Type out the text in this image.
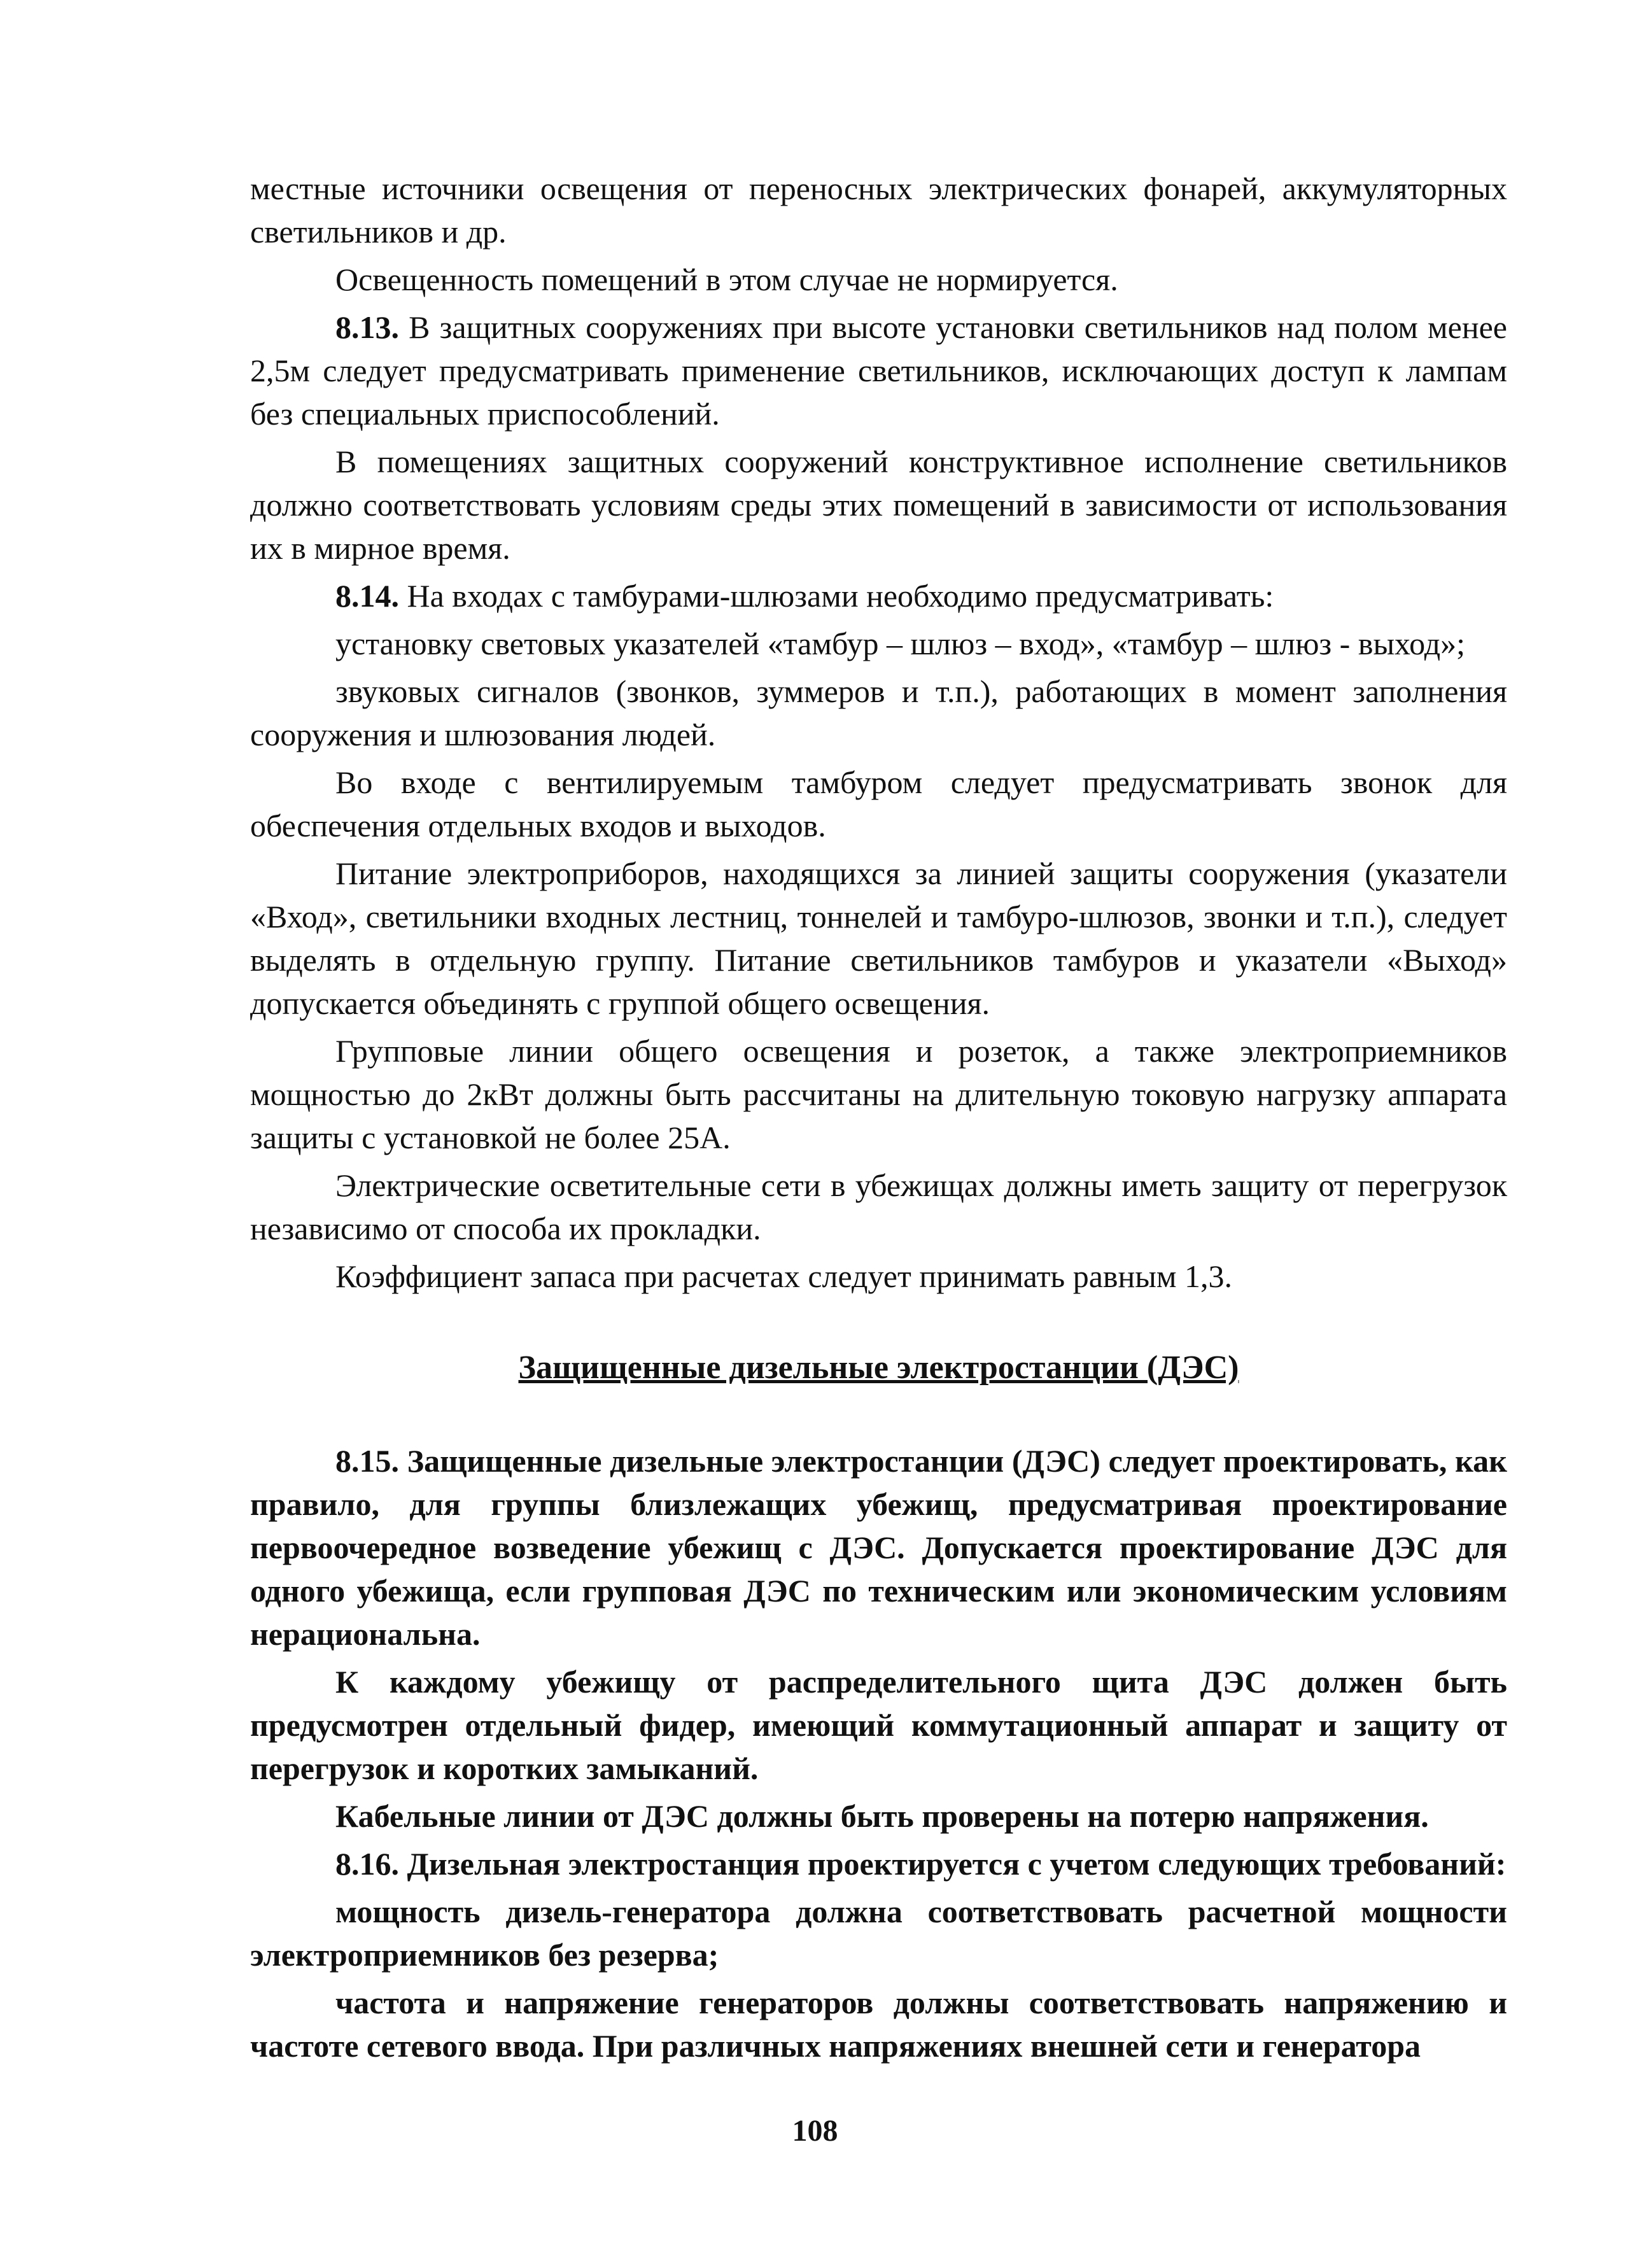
местные источники освещения от переносных электрических фонарей, аккумуляторных светильников и др.

Освещенность помещений в этом случае не нормируется.

8.13. В защитных сооружениях при высоте установки светильников над полом менее 2,5м следует предусматривать применение светильников, исключающих доступ к лампам без специальных приспособлений.

В помещениях защитных сооружений конструктивное исполнение светильников должно соответствовать условиям среды этих помещений в зависимости от использования их в мирное время.

8.14. На входах с тамбурами-шлюзами необходимо предусматривать:

установку световых указателей «тамбур – шлюз – вход», «тамбур – шлюз - выход»;

звуковых сигналов (звонков, зуммеров и т.п.), работающих в момент заполнения сооружения и шлюзования людей.

Во входе с вентилируемым тамбуром следует предусматривать звонок для обеспечения отдельных входов и выходов.

Питание электроприборов, находящихся за линией защиты сооружения (указатели «Вход», светильники входных лестниц, тоннелей и тамбуро-шлюзов, звонки и т.п.), следует выделять в отдельную группу. Питание светильников тамбуров и указатели «Выход» допускается объединять с группой общего освещения.

Групповые линии общего освещения и розеток, а также электроприемников мощностью до 2кВт должны быть рассчитаны на длительную токовую нагрузку аппарата защиты с установкой не более 25А.

Электрические осветительные сети в убежищах должны иметь защиту от перегрузок независимо от способа их прокладки.

Коэффициент запаса при расчетах следует принимать равным 1,3.

Защищенные дизельные электростанции (ДЭС)

8.15. Защищенные дизельные электростанции (ДЭС) следует проектировать, как правило, для группы близлежащих убежищ, предусматривая проектирование первоочередное возведение убежищ с ДЭС. Допускается проектирование ДЭС для одного убежища, если групповая ДЭС по техническим или экономическим условиям нерациональна.

К каждому убежищу от распределительного щита ДЭС должен быть предусмотрен отдельный фидер, имеющий коммутационный аппарат и защиту от перегрузок и коротких замыканий.

Кабельные линии от ДЭС должны быть проверены на потерю напряжения.

8.16. Дизельная электростанция проектируется с учетом следующих требований:

мощность дизель-генератора должна соответствовать расчетной мощности электроприемников без резерва;

частота и напряжение генераторов должны соответствовать напряжению и частоте сетевого ввода. При различных напряжениях внешней сети и генератора

108
